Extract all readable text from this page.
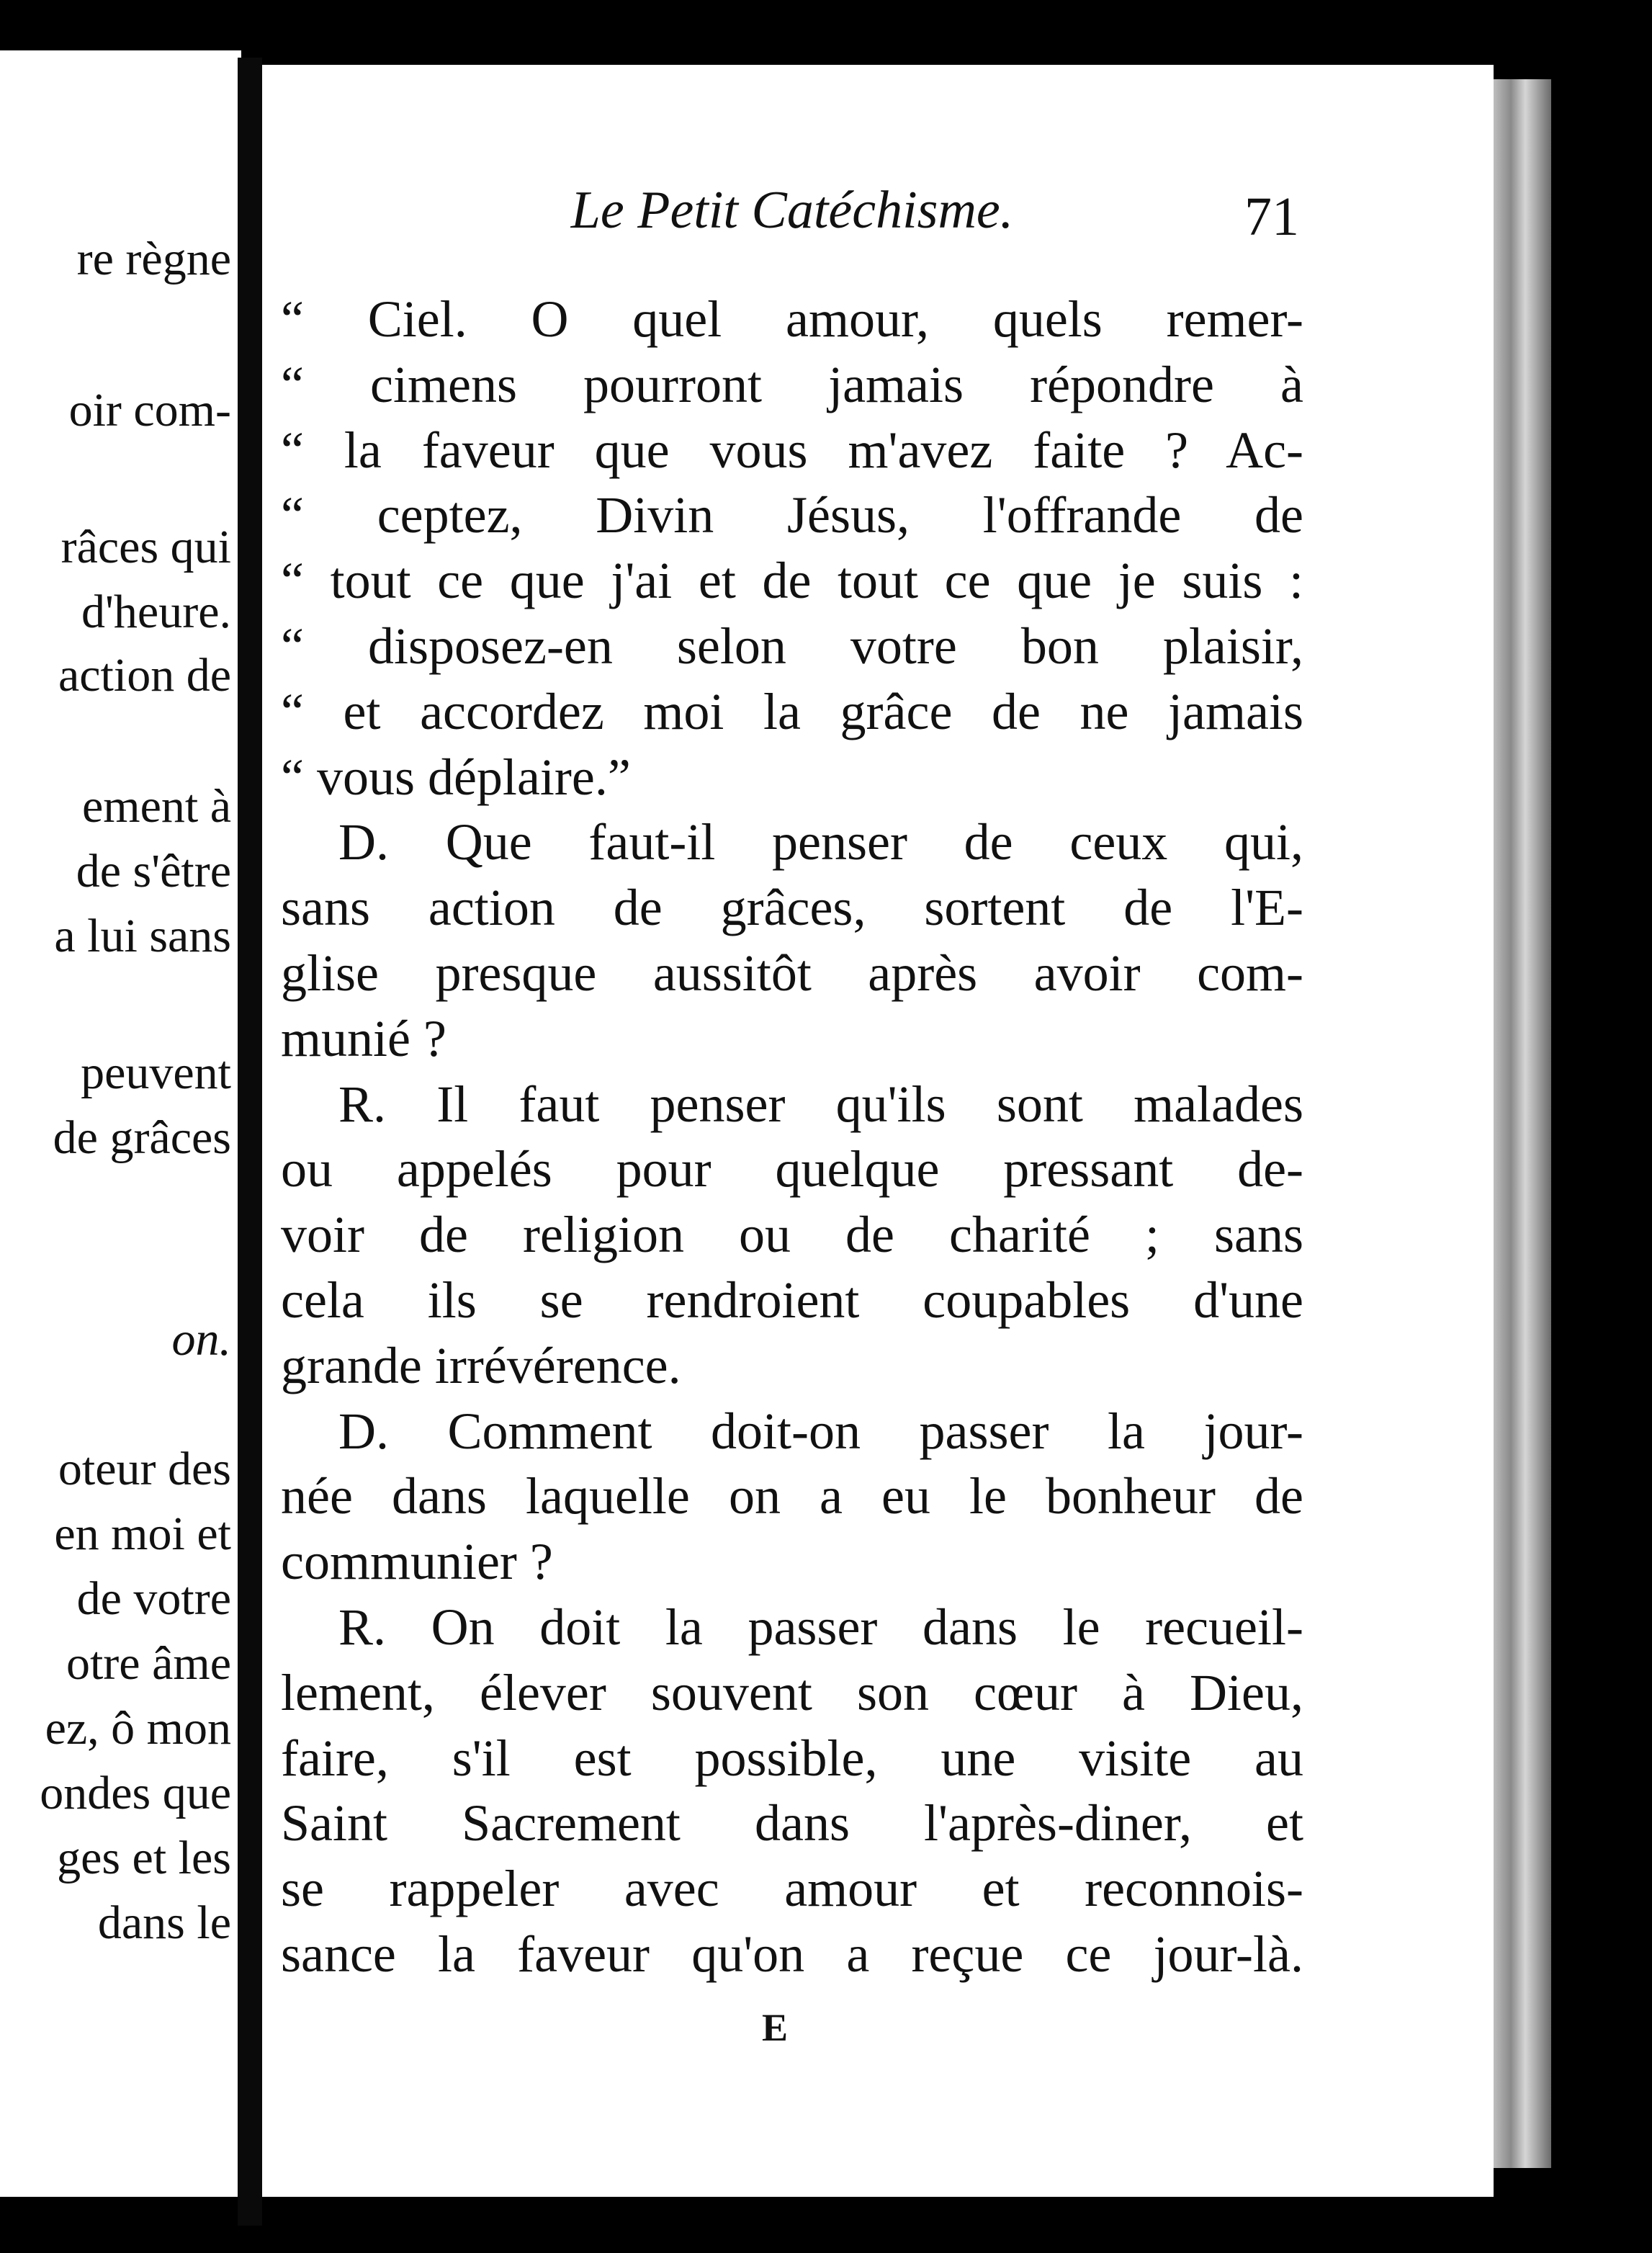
re règne
oir com-
râces qui
d'heure.
action de
ement à
de s'être
a lui sans
peuvent
de grâces
on.
oteur des
en moi et
de votre
otre âme
ez, ô mon
ondes que
ges et les
dans le
Le Petit Catéchisme.	71
“ Ciel. O quel amour, quels remer-
“ cimens pourront jamais répondre à
“ la faveur que vous m'avez faite ? Ac-
“ ceptez, Divin Jésus, l'offrande de
“ tout ce que j'ai et de tout ce que je suis :
“ disposez-en selon votre bon plaisir,
“ et accordez moi la grâce de ne jamais
“ vous déplaire.”
D. Que faut-il penser de ceux qui,
sans action de grâces, sortent de l'E-
glise presque aussitôt après avoir com-
munié ?
R. Il faut penser qu'ils sont malades
ou appelés pour quelque pressant de-
voir de religion ou de charité ; sans
cela ils se rendroient coupables d'une
grande irrévérence.
D. Comment doit-on passer la jour-
née dans laquelle on a eu le bonheur de
communier ?
R. On doit la passer dans le recueil-
lement, élever souvent son cœur à Dieu,
faire, s'il est possible, une visite au
Saint Sacrement dans l'après-diner, et
se rappeler avec amour et reconnois-
sance la faveur qu'on a reçue ce jour-là.
E
